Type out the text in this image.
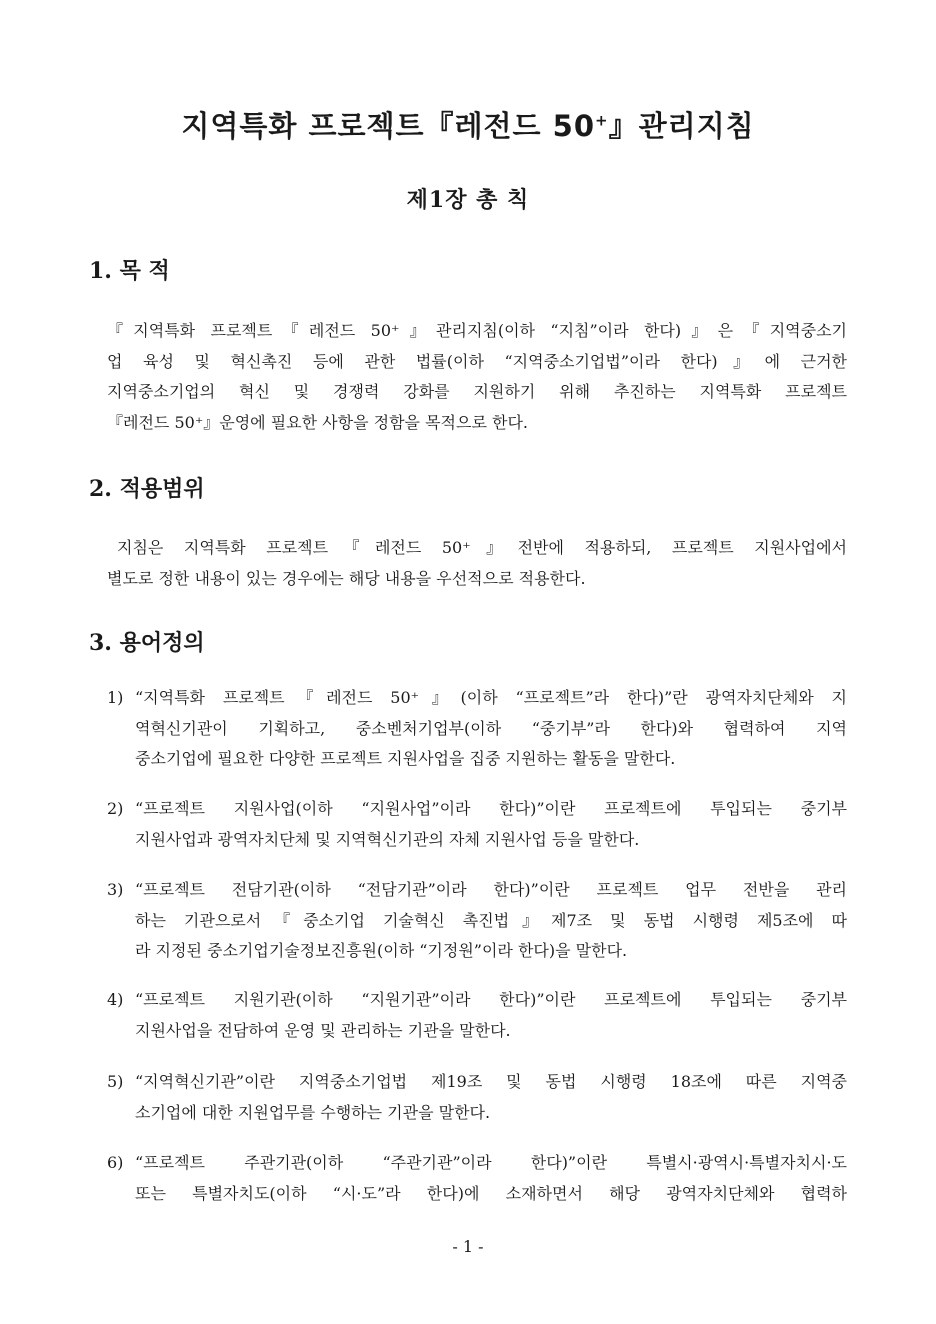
지역특화 프로젝트『레전드 50+』관리지침
제1장 총 칙
1. 목 적
『지역특화 프로젝트『레전드 50⁺』관리지침(이하 “지침”이라 한다)』은『지역중소기
업 육성 및 혁신촉진 등에 관한 법률(이하 “지역중소기업법”이라 한다)』에 근거한
지역중소기업의 혁신 및 경쟁력 강화를 지원하기 위해 추진하는 지역특화 프로젝트
『레전드 50⁺』운영에 필요한 사항을 정함을 목적으로 한다.
2. 적용범위
지침은 지역특화 프로젝트『레전드 50⁺』전반에 적용하되, 프로젝트 지원사업에서
별도로 정한 내용이 있는 경우에는 해당 내용을 우선적으로 적용한다.
3. 용어정의
1) “지역특화 프로젝트『레전드 50⁺』(이하 “프로젝트”라 한다)”란 광역자치단체와 지
역혁신기관이 기획하고, 중소벤처기업부(이하 “중기부”라 한다)와 협력하여 지역
중소기업에 필요한 다양한 프로젝트 지원사업을 집중 지원하는 활동을 말한다.
2) “프로젝트 지원사업(이하 “지원사업”이라 한다)”이란 프로젝트에 투입되는 중기부
지원사업과 광역자치단체 및 지역혁신기관의 자체 지원사업 등을 말한다.
3) “프로젝트 전담기관(이하 “전담기관”이라 한다)”이란 프로젝트 업무 전반을 관리
하는 기관으로서『중소기업 기술혁신 촉진법』제7조 및 동법 시행령 제5조에 따
라 지정된 중소기업기술정보진흥원(이하 “기정원”이라 한다)을 말한다.
4) “프로젝트 지원기관(이하 “지원기관”이라 한다)”이란 프로젝트에 투입되는 중기부
지원사업을 전담하여 운영 및 관리하는 기관을 말한다.
5) “지역혁신기관”이란 지역중소기업법 제19조 및 동법 시행령 18조에 따른 지역중
소기업에 대한 지원업무를 수행하는 기관을 말한다.
6) “프로젝트 주관기관(이하 “주관기관”이라 한다)”이란 특별시·광역시·특별자치시·도
또는 특별자치도(이하 “시·도”라 한다)에 소재하면서 해당 광역자치단체와 협력하
- 1 -
